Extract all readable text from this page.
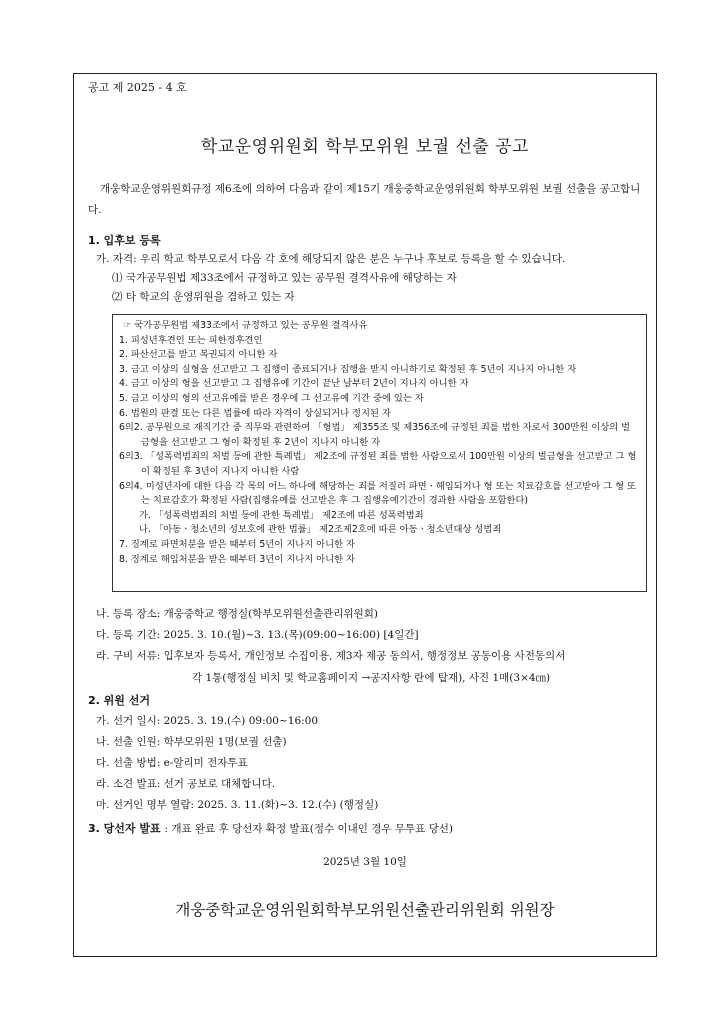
공고 제 2025 - 4 호
학교운영위원회 학부모위원 보궐 선출 공고
개웅학교운영위원회규정 제6조에 의하여 다음과 같이 제15기 개웅중학교운영위원회 학부모위원 보궐 선출을 공고합니다.
1. 입후보 등록
가. 자격: 우리 학교 학부모로서 다음 각 호에 해당되지 않은 분은 누구나 후보로 등록을 할 수 있습니다.
⑴ 국가공무원법 제33조에서 규정하고 있는 공무원 결격사유에 해당하는 자
⑵ 타 학교의 운영위원을 겸하고 있는 자
☞ 국가공무원법 제33조에서 규정하고 있는 공무원 결격사유
1. 피성년후견인 또는 피한정후견인
2. 파산선고를 받고 복권되지 아니한 자
3. 금고 이상의 실형을 선고받고 그 집행이 종료되거나 집행을 받지 아니하기로 확정된 후 5년이 지나지 아니한 자
4. 금고 이상의 형을 선고받고 그 집행유예 기간이 끝난 날부터 2년이 지나지 아니한 자
5. 금고 이상의 형의 선고유예를 받은 경우에 그 선고유예 기간 중에 있는 자
6. 법원의 판결 또는 다른 법률에 따라 자격이 상실되거나 정지된 자
6의2. 공무원으로 재직기간 중 직무와 관련하여 「형법」 제355조 및 제356조에 규정된 죄를 범한 자로서 300만원 이상의 벌금형을 선고받고 그 형이 확정된 후 2년이 지나지 아니한 자
6의3. 「성폭력범죄의 처벌 등에 관한 특례법」 제2조에 규정된 죄를 범한 사람으로서 100만원 이상의 벌금형을 선고받고 그 형이 확정된 후 3년이 지나지 아니한 사람
6의4. 미성년자에 대한 다음 각 목의 어느 하나에 해당하는 죄를 저질러 파면ㆍ해임되거나 형 또는 치료감호를 선고받아 그 형 또는 치료감호가 확정된 사람(집행유예를 선고받은 후 그 집행유예기간이 경과한 사람을 포함한다)
가. 「성폭력범죄의 처벌 등에 관한 특례법」 제2조에 따른 성폭력범죄
나. 「아동ㆍ청소년의 성보호에 관한 법률」 제2조제2호에 따른 아동ㆍ청소년대상 성범죄
7. 징계로 파면처분을 받은 때부터 5년이 지나지 아니한 자
8. 징계로 해임처분을 받은 때부터 3년이 지나지 아니한 자
나. 등록 장소: 개웅중학교 행정실(학부모위원선출관리위원회)
다. 등록 기간: 2025. 3. 10.(월)~3. 13.(목)(09:00~16:00) [4일간]
라. 구비 서류: 입후보자 등록서, 개인정보 수집이용, 제3자 제공 동의서, 행정정보 공동이용 사전동의서
각 1통(행정실 비치 및 학교홈페이지 →공지사항 란에 탑재), 사진 1매(3×4㎝)
2. 위원 선거
가. 선거 일시: 2025. 3. 19.(수) 09:00~16:00
나. 선출 인원: 학부모위원 1명(보궐 선출)
다. 선출 방법: e-알리미 전자투표
라. 소견 발표: 선거 공보로 대체합니다.
마. 선거인 명부 열람: 2025. 3. 11.(화)~3. 12.(수) (행정실)
3. 당선자 발표 : 개표 완료 후 당선자 확정 발표(정수 이내인 경우 무투표 당선)
2025년 3월 10일
개웅중학교운영위원회학부모위원선출관리위원회 위원장
